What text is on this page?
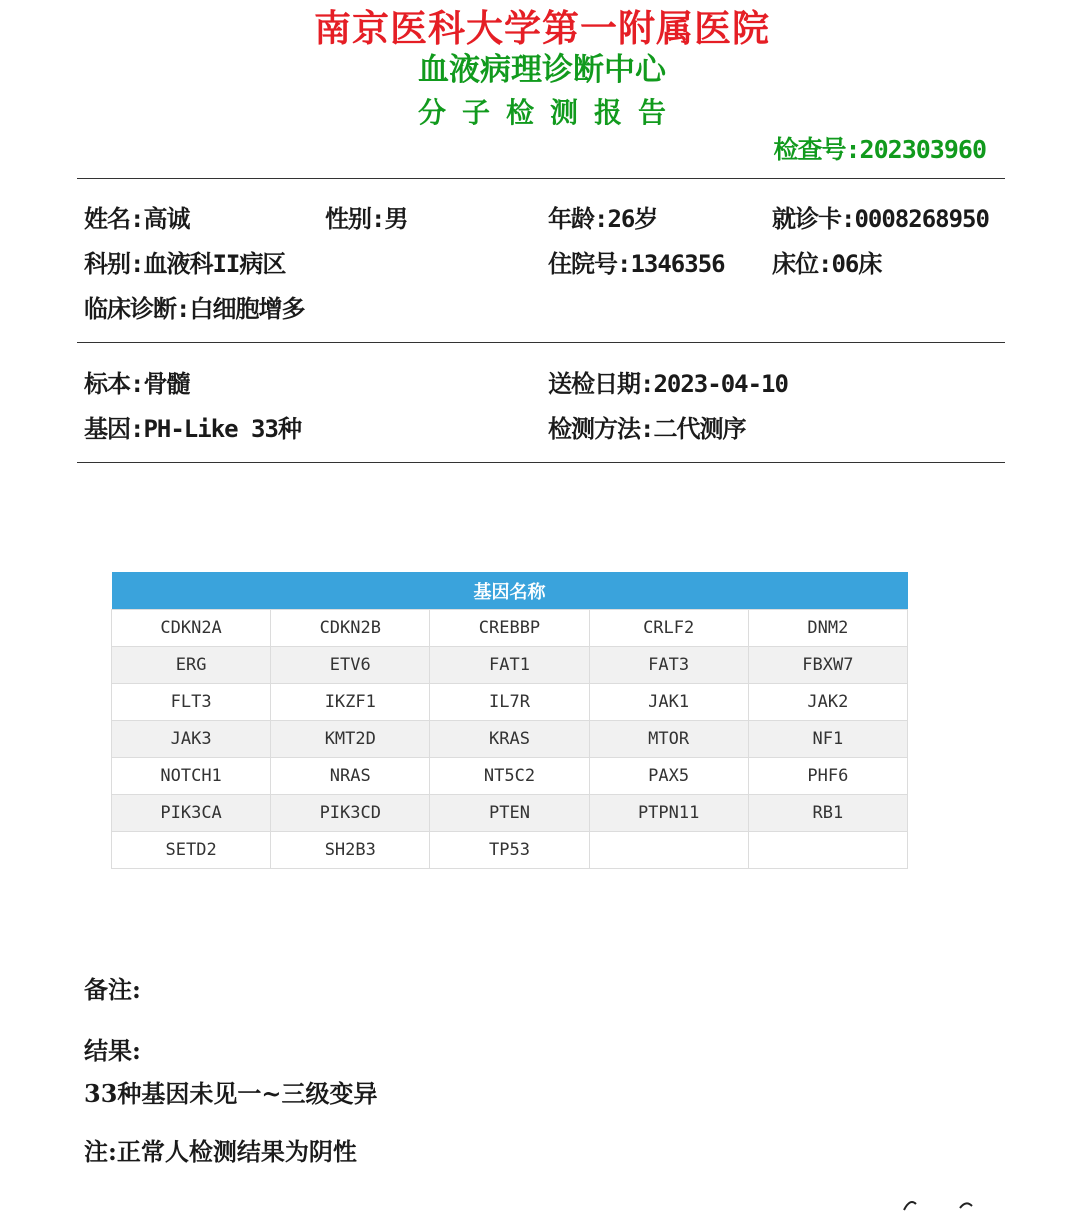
南京医科大学第一附属医院
血液病理诊断中心
分子检测报告
检查号:202303960
姓名:高诚	性别:男	年龄:26岁	就诊卡:0008268950
科别:血液科II病区	住院号:1346356 床位:06床
临床诊断:白细胞增多
标本:骨髓	送检日期:2023-04-10
基因:PH-Like 33种	检测方法:二代测序
基因名称				
CDKN2A	CDKN2B	CREBBP	CRLF2	DNM2
ERG	ETV6	FAT1	FAT3	FBXW7
FLT3	IKZF1	IL7R	JAK1	JAK2
JAK3	KMT2D	KRAS	MTOR	NF1
NOTCH1	NRAS	NT5C2	PAX5	PHF6
PIK3CA	PIK3CD	PTEN	PTPN11	RB1
SETD2	SH2B3	TP53		
备注:
结果:
33种基因未见一~三级变异
注:正常人检测结果为阴性
